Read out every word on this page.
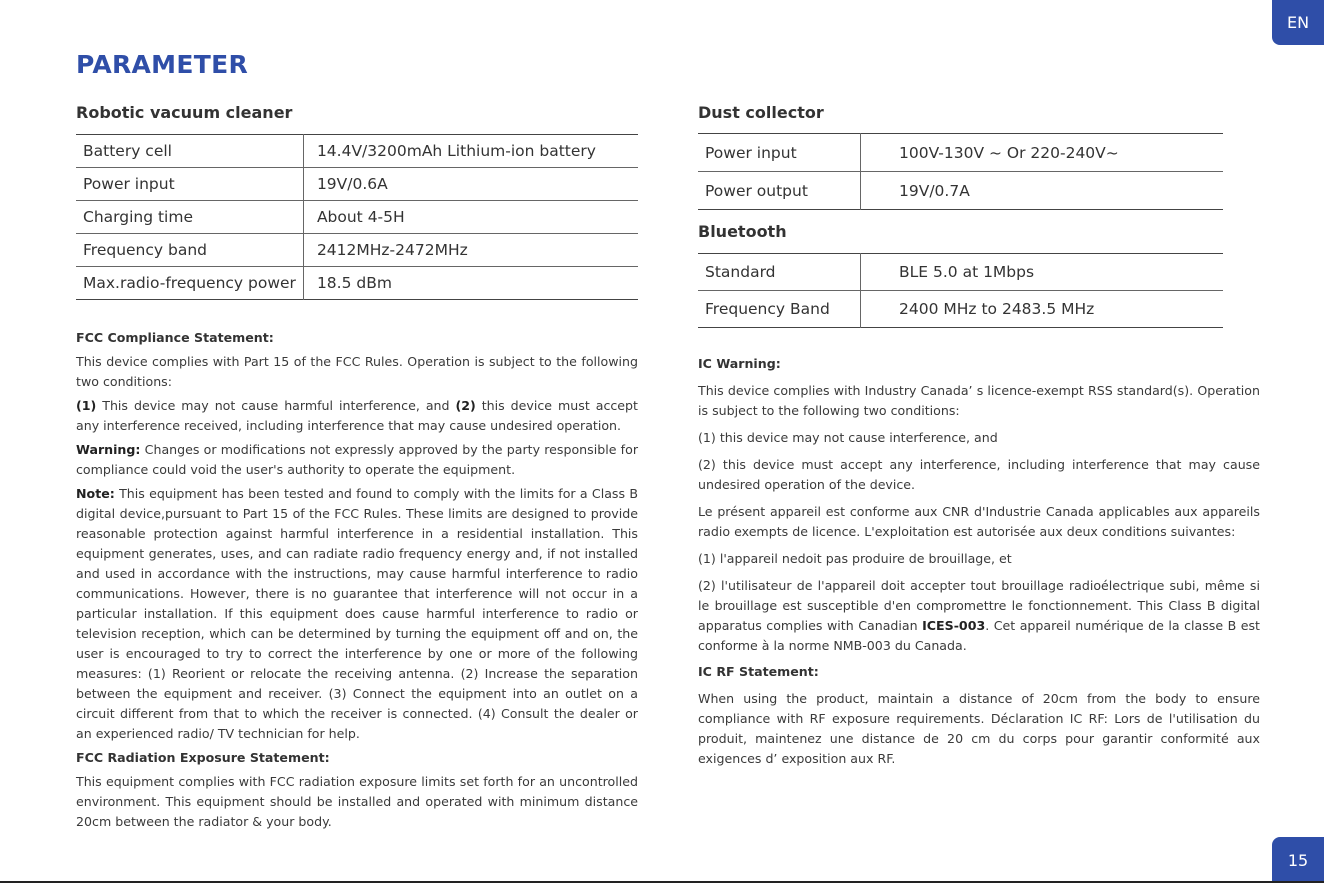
EN
15
PARAMETER
Robotic vacuum cleaner
Battery cell	14.4V/3200mAh Lithium-ion battery
Power input	19V/0.6A
Charging time	About 4-5H
Frequency band	2412MHz-2472MHz
Max.radio-frequency power	18.5 dBm
Dust collector
Power input	100V-130V ~ Or 220-240V~
Power output	19V/0.7A
Bluetooth
Standard	BLE 5.0 at 1Mbps
Frequency Band	2400 MHz to 2483.5 MHz
FCC Compliance Statement:

This device complies with Part 15 of the FCC Rules. Operation is subject to the following two conditions:

(1) This device may not cause harmful interference, and (2) this device must accept any interference received, including interference that may cause undesired operation.

Warning: Changes or modifications not expressly approved by the party responsible for compliance could void the user's authority to operate the equipment.

Note: This equipment has been tested and found to comply with the limits for a Class B digital device,pursuant to Part 15 of the FCC Rules. These limits are designed to provide reasonable protection against harmful interference in a residential installation. This equipment generates, uses, and can radiate radio frequency energy and, if not installed and used in accordance with the instructions, may cause harmful interference to radio communications. However, there is no guarantee that interference will not occur in a particular installation. If this equipment does cause harmful interference to radio or television reception, which can be determined by turning the equipment off and on, the user is encouraged to try to correct the interference by one or more of the following measures: (1) Reorient or relocate the receiving antenna. (2) Increase the separation between the equipment and receiver. (3) Connect the equipment into an outlet on a circuit different from that to which the receiver is connected. (4) Consult the dealer or an experienced radio/ TV technician for help.

FCC Radiation Exposure Statement:

This equipment complies with FCC radiation exposure limits set forth for an uncontrolled environment. This equipment should be installed and operated with minimum distance 20cm between the radiator & your body.

IC Warning:

This device complies with Industry Canada’ s licence-exempt RSS standard(s). Operation is subject to the following two conditions:

(1) this device may not cause interference, and

(2) this device must accept any interference, including interference that may cause undesired operation of the device.

Le présent appareil est conforme aux CNR d'Industrie Canada applicables aux appareils radio exempts de licence. L'exploitation est autorisée aux deux conditions suivantes:

(1) l'appareil nedoit pas produire de brouillage, et

(2) l'utilisateur de l'appareil doit accepter tout brouillage radioélectrique subi, même si le brouillage est susceptible d'en compromettre le fonctionnement. This Class B digital apparatus complies with Canadian ICES-003. Cet appareil numérique de la classe B est conforme à la norme NMB-003 du Canada.

IC RF Statement:

When using the product, maintain a distance of 20cm from the body to ensure compliance with RF exposure requirements. Déclaration IC RF: Lors de l'utilisation du produit, maintenez une distance de 20 cm du corps pour garantir conformité aux exigences d’ exposition aux RF.
